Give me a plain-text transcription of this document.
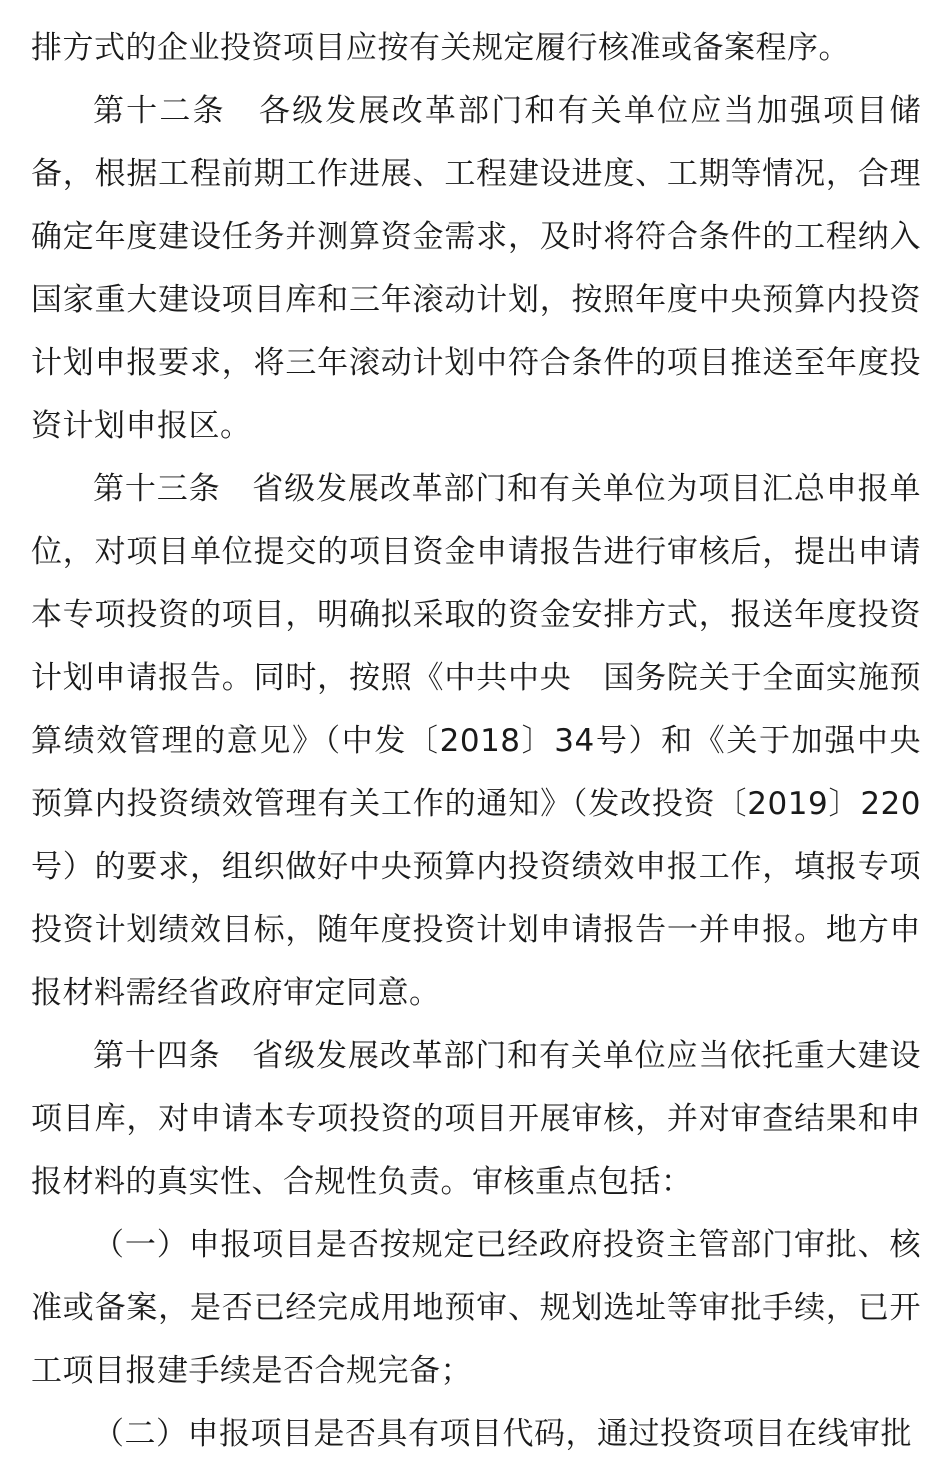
排方式的企业投资项目应按有关规定履行核准或备案程序。

第十二条　各级发展改革部门和有关单位应当加强项目储备，根据工程前期工作进展、工程建设进度、工期等情况，合理确定年度建设任务并测算资金需求，及时将符合条件的工程纳入国家重大建设项目库和三年滚动计划，按照年度中央预算内投资计划申报要求，将三年滚动计划中符合条件的项目推送至年度投资计划申报区。

第十三条　省级发展改革部门和有关单位为项目汇总申报单位，对项目单位提交的项目资金申请报告进行审核后，提出申请本专项投资的项目，明确拟采取的资金安排方式，报送年度投资计划申请报告。同时，按照《中共中央　国务院关于全面实施预算绩效管理的意见》（中发〔2018〕34号）和《关于加强中央预算内投资绩效管理有关工作的通知》（发改投资〔2019〕220号）的要求，组织做好中央预算内投资绩效申报工作，填报专项投资计划绩效目标，随年度投资计划申请报告一并申报。地方申报材料需经省政府审定同意。

第十四条　省级发展改革部门和有关单位应当依托重大建设项目库，对申请本专项投资的项目开展审核，并对审查结果和申报材料的真实性、合规性负责。审核重点包括：

（一）申报项目是否按规定已经政府投资主管部门审批、核准或备案，是否已经完成用地预审、规划选址等审批手续，已开工项目报建手续是否合规完备；

（二）申报项目是否具有项目代码，通过投资项目在线审批
